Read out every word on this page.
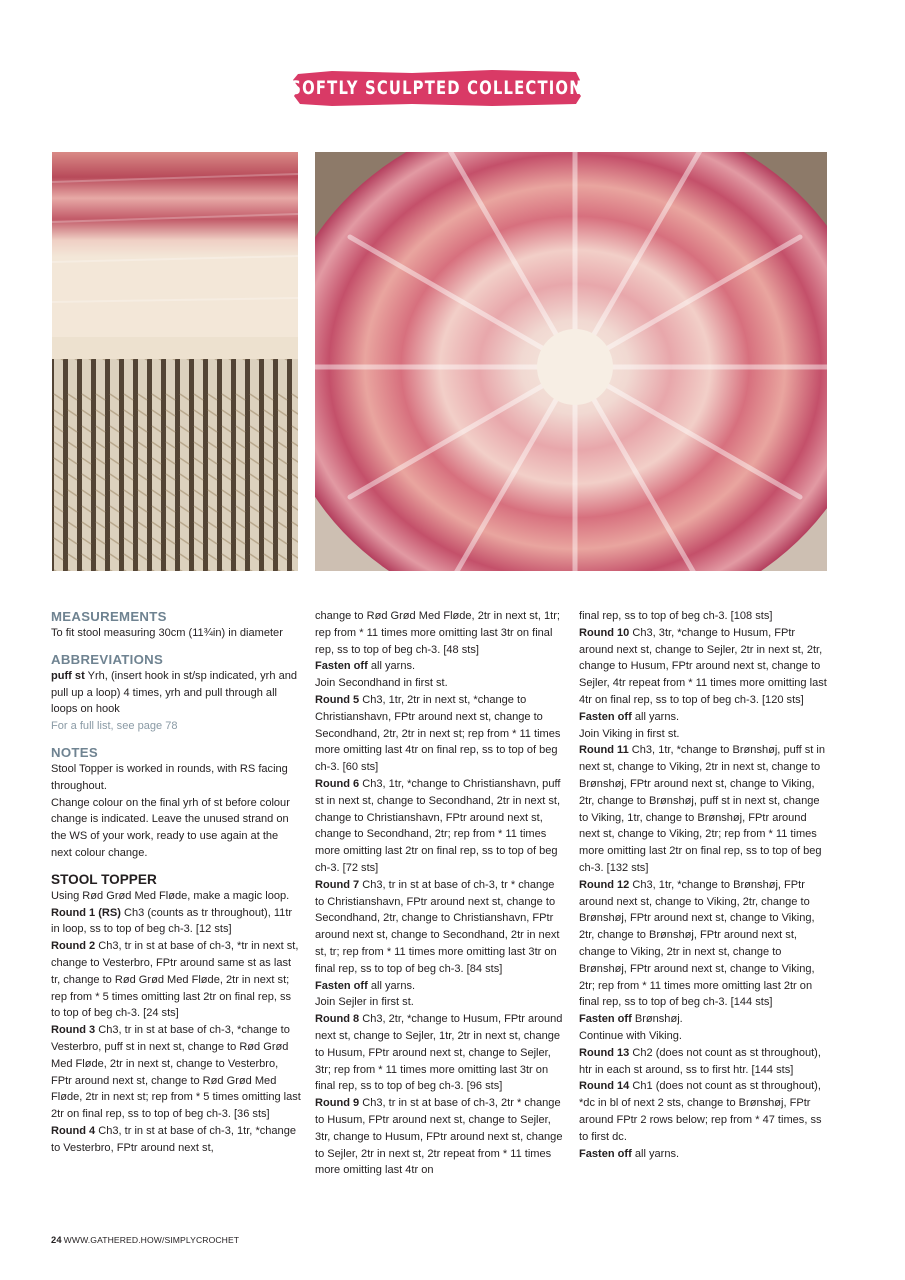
SOFTLY SCULPTED COLLECTION

MEASUREMENTS

To fit stool measuring 30cm (11¾in) in diameter

ABBREVIATIONS

puff st Yrh, (insert hook in st/sp indicated, yrh and pull up a loop) 4 times, yrh and pull through all loops on hook

For a full list, see page 78

NOTES

Stool Topper is worked in rounds, with RS facing throughout.

Change colour on the final yrh of st before colour change is indicated. Leave the unused strand on the WS of your work, ready to use again at the next colour change.

STOOL TOPPER

Using Rød Grød Med Fløde, make a magic loop.

Round 1 (RS) Ch3 (counts as tr throughout), 11tr in loop, ss to top of beg ch-3. [12 sts]

Round 2 Ch3, tr in st at base of ch-3, *tr in next st, change to Vesterbro, FPtr around same st as last tr, change to Rød Grød Med Fløde, 2tr in next st; rep from * 5 times omitting last 2tr on final rep, ss to top of beg ch-3. [24 sts]

Round 3 Ch3, tr in st at base of ch-3, *change to Vesterbro, puff st in next st, change to Rød Grød Med Fløde, 2tr in next st, change to Vesterbro, FPtr around next st, change to Rød Grød Med Fløde, 2tr in next st; rep from * 5 times omitting last 2tr on final rep, ss to top of beg ch-3. [36 sts]

Round 4 Ch3, tr in st at base of ch-3, 1tr, *change to Vesterbro, FPtr around next st,

change to Rød Grød Med Fløde, 2tr in next st, 1tr; rep from * 11 times more omitting last 3tr on final rep, ss to top of beg ch-3. [48 sts]

Fasten off all yarns.

Join Secondhand in first st.

Round 5 Ch3, 1tr, 2tr in next st, *change to Christianshavn, FPtr around next st, change to Secondhand, 2tr, 2tr in next st; rep from * 11 times more omitting last 4tr on final rep, ss to top of beg ch-3. [60 sts]

Round 6 Ch3, 1tr, *change to Christianshavn, puff st in next st, change to Secondhand, 2tr in next st, change to Christianshavn, FPtr around next st, change to Secondhand, 2tr; rep from * 11 times more omitting last 2tr on final rep, ss to top of beg ch-3. [72 sts]

Round 7 Ch3, tr in st at base of ch-3, tr * change to Christianshavn, FPtr around next st, change to Secondhand, 2tr, change to Christianshavn, FPtr around next st, change to Secondhand, 2tr in next st, tr; rep from * 11 times more omitting last 3tr on final rep, ss to top of beg ch-3. [84 sts]

Fasten off all yarns.

Join Sejler in first st.

Round 8 Ch3, 2tr, *change to Husum, FPtr around next st, change to Sejler, 1tr, 2tr in next st, change to Husum, FPtr around next st, change to Sejler, 3tr; rep from * 11 times more omitting last 3tr on final rep, ss to top of beg ch-3. [96 sts]

Round 9 Ch3, tr in st at base of ch-3, 2tr * change to Husum, FPtr around next st, change to Sejler, 3tr, change to Husum, FPtr around next st, change to Sejler, 2tr in next st, 2tr repeat from * 11 times more omitting last 4tr on

final rep, ss to top of beg ch-3. [108 sts]

Round 10 Ch3, 3tr, *change to Husum, FPtr around next st, change to Sejler, 2tr in next st, 2tr, change to Husum, FPtr around next st, change to Sejler, 4tr repeat from * 11 times more omitting last 4tr on final rep, ss to top of beg ch-3. [120 sts]

Fasten off all yarns.

Join Viking in first st.

Round 11 Ch3, 1tr, *change to Brønshøj, puff st in next st, change to Viking, 2tr in next st, change to Brønshøj, FPtr around next st, change to Viking, 2tr, change to Brønshøj, puff st in next st, change to Viking, 1tr, change to Brønshøj, FPtr around next st, change to Viking, 2tr; rep from * 11 times more omitting last 2tr on final rep, ss to top of beg ch-3. [132 sts]

Round 12 Ch3, 1tr, *change to Brønshøj, FPtr around next st, change to Viking, 2tr, change to Brønshøj, FPtr around next st, change to Viking, 2tr, change to Brønshøj, FPtr around next st, change to Viking, 2tr in next st, change to Brønshøj, FPtr around next st, change to Viking, 2tr; rep from * 11 times more omitting last 2tr on final rep, ss to top of beg ch-3. [144 sts]

Fasten off Brønshøj.

Continue with Viking.

Round 13 Ch2 (does not count as st throughout), htr in each st around, ss to first htr. [144 sts]

Round 14 Ch1 (does not count as st throughout), *dc in bl of next 2 sts, change to Brønshøj, FPtr around FPtr 2 rows below; rep from * 47 times, ss to first dc.

Fasten off all yarns.

24 WWW.GATHERED.HOW/SIMPLYCROCHET
